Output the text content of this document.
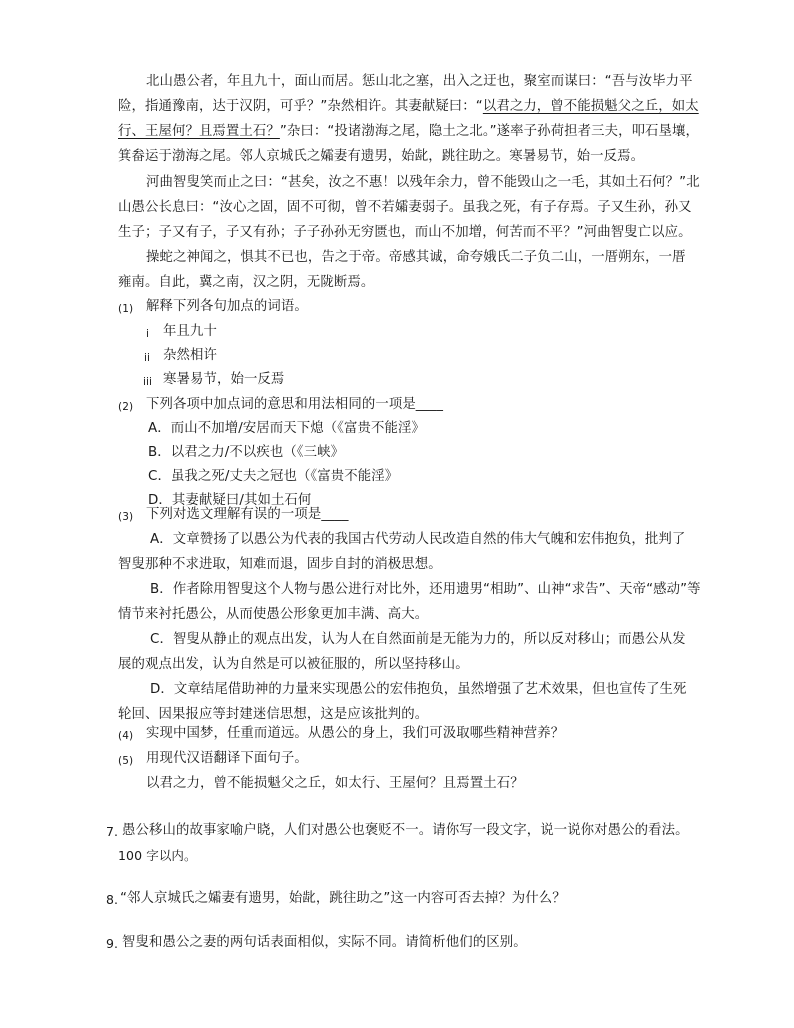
北山愚公者，年且九十，面山而居。惩山北之塞，出入之迂也，聚室而谋曰：“吾与汝毕力平
险，指通豫南，达于汉阴，可乎？”杂然相许。其妻献疑曰：“以君之力，曾不能损魁父之丘，如太
行、王屋何？且焉置土石？”杂曰：“投诸渤海之尾，隐土之北。”遂率子孙荷担者三夫，叩石垦壤，
箕畚运于渤海之尾。邻人京城氏之孀妻有遗男，始龀，跳往助之。寒暑易节，始一反焉。
河曲智叟笑而止之曰：“甚矣，汝之不惠！以残年余力，曾不能毁山之一毛，其如土石何？”北
山愚公长息曰：“汝心之固，固不可彻，曾不若孀妻弱子。虽我之死，有子存焉。子又生孙，孙又
生子；子又有子，子又有孙；子子孙孙无穷匮也，而山不加增，何苦而不平？”河曲智叟亡以应。
操蛇之神闻之，惧其不已也，告之于帝。帝感其诚，命夸娥氏二子负二山，一厝朔东，一厝
雍南。自此，冀之南，汉之阴，无陇断焉。
(1) 解释下列各句加点的词语。
i 年且九十
ii 杂然相许
iii 寒暑易节，始一反焉
(2) 下列各项中加点词的意思和用法相同的一项是____
A．而山不加增/安居而天下熄（《富贵不能淫》
B．以君之力/不以疾也（《三峡》
C．虽我之死/丈夫之冠也（《富贵不能淫》
D．其妻献疑曰/其如土石何
(3) 下列对选文理解有误的一项是____
A．文章赞扬了以愚公为代表的我国古代劳动人民改造自然的伟大气魄和宏伟抱负，批判了
智叟那种不求进取，知难而退，固步自封的消极思想。
B．作者除用智叟这个人物与愚公进行对比外，还用遗男“相助”、山神“求告”、天帝“感动”等
情节来衬托愚公，从而使愚公形象更加丰满、高大。
C．智叟从静止的观点出发，认为人在自然面前是无能为力的，所以反对移山；而愚公从发
展的观点出发，认为自然是可以被征服的，所以坚持移山。
D．文章结尾借助神的力量来实现愚公的宏伟抱负，虽然增强了艺术效果，但也宣传了生死
轮回、因果报应等封建迷信思想，这是应该批判的。
(4) 实现中国梦，任重而道远。从愚公的身上，我们可汲取哪些精神营养？
(5) 用现代汉语翻译下面句子。
以君之力，曾不能损魁父之丘，如太行、王屋何？且焉置土石？
7. 愚公移山的故事家喻户晓，人们对愚公也褒贬不一。请你写一段文字，说一说你对愚公的看法。
100 字以内。
8. “邻人京城氏之孀妻有遗男，始龀，跳往助之”这一内容可否去掉？为什么？
9. 智叟和愚公之妻的两句话表面相似，实际不同。请简析他们的区别。
